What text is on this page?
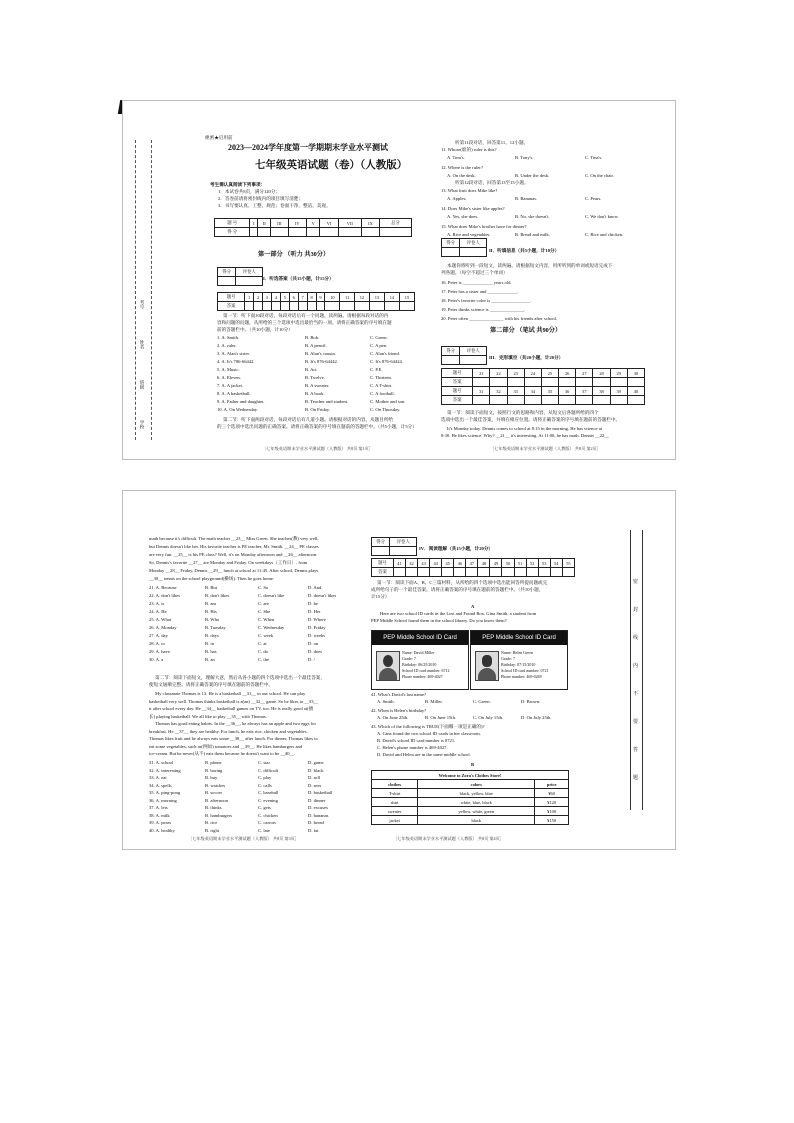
学校
班级
姓名
考号
絶密★启用前
2023—2024学年度第一学期期末学业水平测试
七年级英语试题（卷）（人教版）
考生需认真阅读下列事项：
1．本试卷共8页，满分120分；
2．答卷前请将密封线内的项目填写清楚；
3．书写要认真、工整、规范；卷面干净、整洁、美观。
题 号	I	II	III	IV	V	VI	VII	IX	总分
得 分									
第一部分 （听力 共30分）
得分	评卷人

I．听选答案（共15小题，计15分）
题号	1	2	3	4	5	6	7	8	9	10	11	12	13	14	15
答案															
第一节：听下面10段对话，每段对话后有一个问题，读两遍。请根据每段对话的内
容和问题的问题，从所给的三个选项中选出最恰当的一项。请将正确答案的序号填在题
前的答题栏中。（共10小题，计10分）
1. A. Smith.	B. Bob.	C. Green.
2. A. ruler.	B. A pencil.	C. A pen.
3. A. Alan's sister.	B. Alan's cousin.	C. Alan's friend.
4. A. It's 786-66442.	B. It's 876-64442.	C. It's 876-64424.
5. A. Music.	B. Art.	C. P.E.
6. A. Eleven.	B. Twelve.	C. Thirteen.
7. A. A jacket.	B. A sweater.	C. A T-shirt.
8. A. A basketball.	B. A book.	C. A football.
9. A. Father and daughter.	B. Teacher and student.	C. Mother and son.
10. A. On Wednesday.	B. On Friday.	C. On Thursday.
第二节：听下面两段对话，每段对话后有几道小题。请根据对话的内容，从题目所给
的三个选项中选出问题的正确答案。请将正确答案的序号填在题前的答题栏中。（共5小题，计5分）
［七年级英语期末学业水平测试题（人教版） 共8页 第1页］
听第11段对话，回答第11、12小题。
11. Whose(谁的) ruler is this?
A. Tom's.	B. Tony's.	C. Tina's.
12. Where is the ruler?
A. On the desk.	B. Under the desk.	C. On the chair.
13. What fruit does Mike like?
A. Apples.	B. Bananas.	C. Pears.
14. Does Mike's sister like apples?
A. Yes, she does.	B. No, she doesn't.	C. We don't know.
15. What does Mike's brother have for dinner?
A. Rice and vegetables.	B. Bread and milk.	C. Rice and chicken.
听第12段对话，回答第13至15小题。
得分	评卷人

II．听填信息（共5小题，计10分）
本题你将听到一段短文，读两遍。请根据短文内容，用所听到的单词或短语完成下
列各题。（每空不超过三个单词）
16. Peter is _____________ years old.
17. Peter has a sister and _____________.
18. Peter's favorite color is _________________.
19. Peter thinks science is _______________.
20. Peter often _______________ with his friends after school.
第二部分 （笔试 共90分）
得分	评卷人

III．完形填空（共20小题，计20分）
题号	21	22	23	24	25	26	27	28	29	30
答案										
题号	31	32	33	34	35	36	37	38	39	40
答案										
第一节：阅读下面短文，按照行文的思路和内容，从短文后各题所给的四个
选项中选出一个最佳答案，并填在相应位置。请将正确答案的序号填在题前的答题栏中。
It's Monday today. Dennis comes to school at 8:15 in the morning. He has science at
8:30. He likes science. Why? __21__ it's interesting. At 11:00, he has math. Dennis __22__
［七年级英语期末学业水平测试题（人教版） 共8页 第2页］
密
封
线
内
不
要
答
题
math because it's difficult. The math teacher __23__ Miss Green. She teaches(教) very well,
but Dennis doesn't like her. His favorite teacher is PE teacher, Mr. Smith. __24__ PE classes
are very fun. __25__ is his PE class? Well, it's on Monday afternoon and __26__ afternoon.
So, Dennis's favorite __27__ are Monday and Friday. On weekdays（工作日）, from
Monday __28__ Friday, Dennis __29__ lunch at school at 11:45. After school, Dennis plays
__30__ tennis on the school playground(操场). Then he goes home.
21. A. Because	B. But	C. So	D. And
22. A. don't likes	B. don't likes	C. doesn't like	D. doesn't likes
23. A. is	B. am	C. are	D. be
24. A. He	B. His	C. She	D. Her
25. A. What	B. Who	C. When	D. Where
26. A. Monday	B. Tuesday	C. Wednesday	D. Friday
27. A. day	B. days	C. week	D. weeks
28. A. to	B. in	C. at	D. on
29. A. have	B. has	C. do	D. does
30. A. a	B. an	C. the	D. /
第二节：阅读下面短文，理解大意，然后从各小题的四个选项中选出一个最佳答案，
使短文通顺完整。请将正确答案的序号填在题前的答题栏中。
My classmate Thomas is 13. He is a basketball __31__ in our school. He can play
basketball very well. Thomas thinks basketball is a(an) __32__ game. So he likes to __33__
it after school every day. He __34__ basketball games on TV, too. He is really good at(擅
长) playing basketball. We all like to play __35__ with Thomas.
Thomas has good eating habits. In the __36__, he always has an apple and two eggs for
breakfast. He __37__ they are healthy. For lunch, he eats rice, chicken and vegetables.
Thomas likes fruit and he always eats some __38__ after lunch. For dinner, Thomas likes to
eat some vegetables, such as(例如) tomatoes and __39__. He likes hamburgers and
ice-cream. But he never(从不) eats them because he doesn't want to be __40__.
31. A. school	B. phone	C. star	D. game
32. A. interesting	B. boring	C. difficult	D. black
33. A. eat	B. buy	C. play	D. sell
34. A. spells	B. watches	C. calls	D. sees
35. A. ping-pong	B. soccer	C. baseball	D. basketball
36. A. morning	B. afternoon	C. evening	D. dinner
37. A. lets	B. thinks	C. gets	D. excuses
38. A. milk	B. hamburgers	C. chicken	D. bananas
39. A. pears	B. rice	C. carrots	D. bread
40. A. healthy	B. right	C. late	D. fat
［七年级英语期末学业水平测试题（人教版） 共8页 第3页］
得分	评卷人

IV．阅读理解（共15小题，计20分）
题号	41	42	43	44	45	46	47	48	49	50	51	52	53	54	55
答案															
第一节：阅读下面A、B、C三篇材料，从所给的四个选项中选出能回答所提问题或完
成所给句子的一个最佳答案。请将正确答案的序号填在题前的答题栏中。（共10小题，
计15分）
A
Here are two school ID cards in the Lost and Found Box. Gina Smith, a student from
PEP Middle School found them in the school library. Do you know them?
PEP Middle School ID Card
Name: David Miller
Grade: 7
Birthday: 06/25/2010
School ID card number: 6712
Phone number: 469-4027
PEP Middle School ID Card
Name: Helen Green
Grade: 7
Birthday: 07/15/2010
School ID card number: 0721
Phone number: 469-0269
41. What's David's last name?
A. Smith.	B. Miller.	C. Green.	D. Brown.
42. When is Helen's birthday?
A. On June 25th.	B. On June 15th.	C. On July 15th.	D. On July 25th.
43. Which of the following is TRUE(下面哪一项是正确的)?
A. Gina found the two school ID cards in her classroom.
B. David's school ID card number is 0721.
C. Helen's phone number is 469-4027.
D. David and Helen are in the same middle school.
B
Welcome to Zora's Clothes Store!		
clothes	colors	price
T-shirt	black, yellow, blue	¥60
shirt	white, blue, black	¥120
sweater	yellow, white, green	¥100
jacket	black	¥150
［七年级英语期末学业水平测试题（人教版） 共8页 第4页］
